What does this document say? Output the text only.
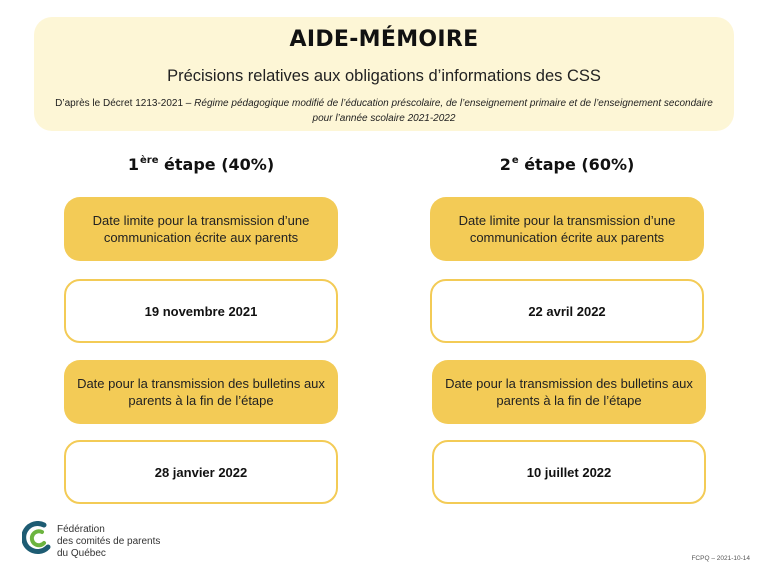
AIDE-MÉMOIRE
Précisions relatives aux obligations d’informations des CSS
D’après le Décret 1213-2021 – Régime pédagogique modifié de l’éducation préscolaire, de l’enseignement primaire et de l’enseignement secondaire pour l’année scolaire 2021-2022
1ère étape (40%)
Date limite pour la transmission d’une communication écrite aux parents
19 novembre 2021
Date pour la transmission des bulletins aux parents à la fin de l’étape
28 janvier 2022
2e étape (60%)
Date limite pour la transmission d’une communication écrite aux parents
22 avril 2022
Date pour la transmission des bulletins aux parents à la fin de l’étape
10 juillet 2022
Fédération
des comités de parents
du Québec	FCPQ – 2021-10-14
